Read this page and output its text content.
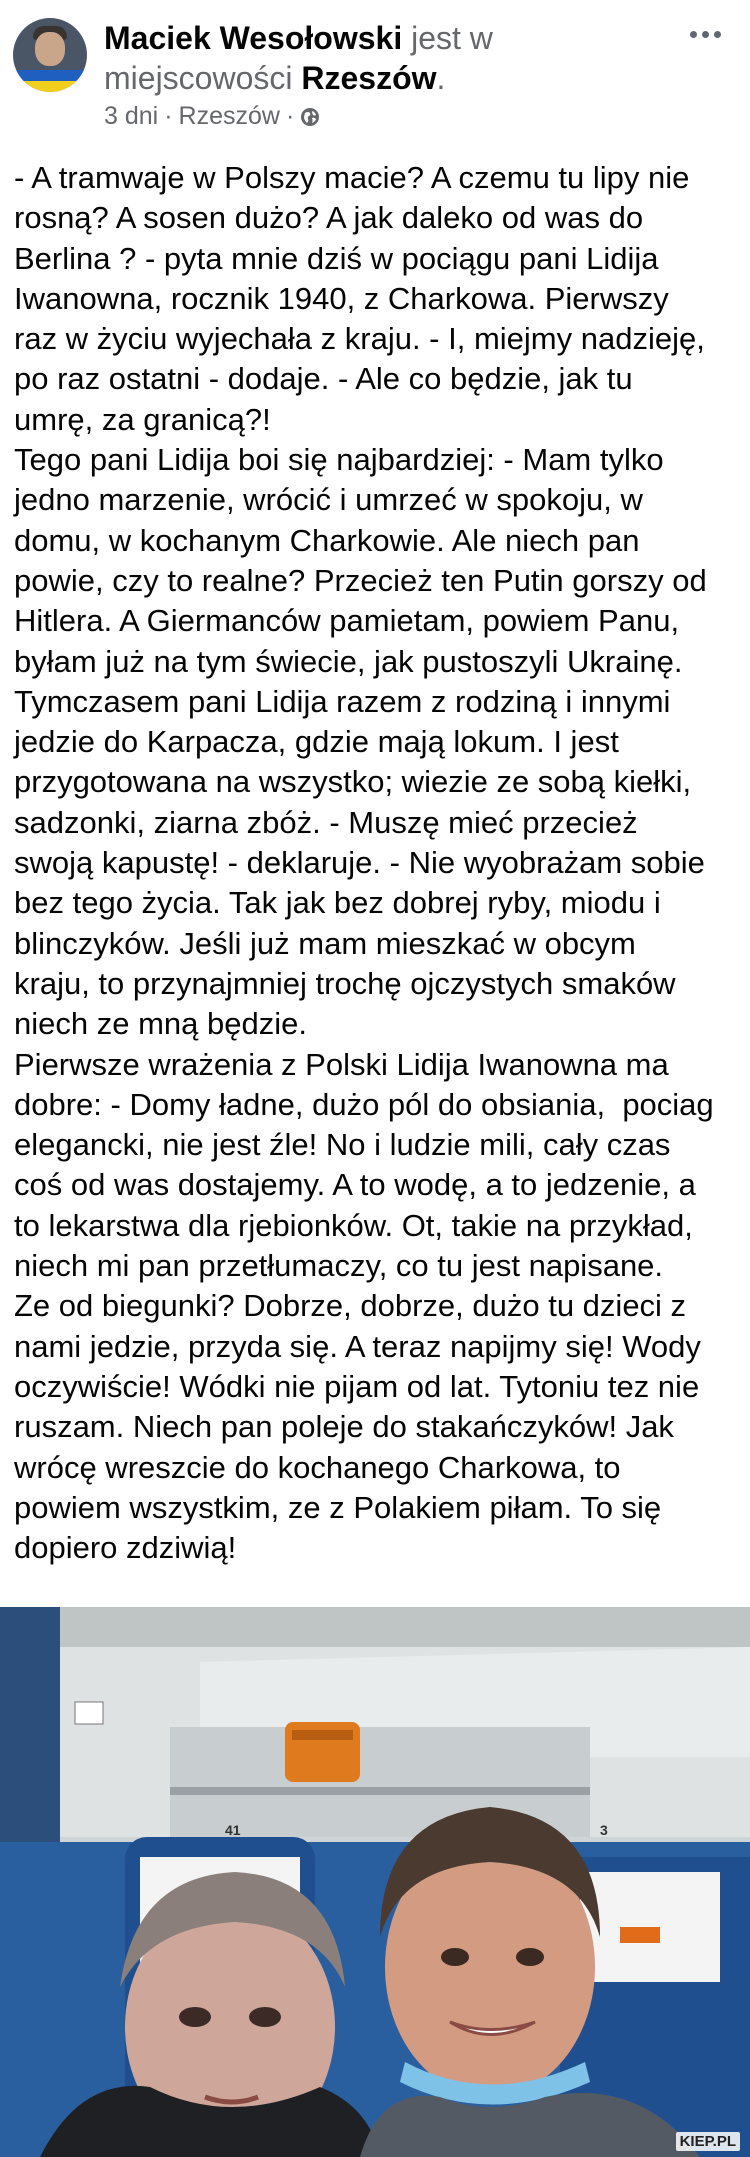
Maciek Wesołowski jest w miejscowości Rzeszów.
3 dni · Rzeszów ·
- A tramwaje w Polszy macie? A czemu tu lipy nie
rosną? A sosen dużo? A jak daleko od was do
Berlina ? - pyta mnie dziś w pociągu pani Lidija
Iwanowna, rocznik 1940, z Charkowa. Pierwszy
raz w życiu wyjechała z kraju. - I, miejmy nadzieję,
po raz ostatni - dodaje. - Ale co będzie, jak tu
umrę, za granicą?!
Tego pani Lidija boi się najbardziej: - Mam tylko
jedno marzenie, wrócić i umrzeć w spokoju, w
domu, w kochanym Charkowie. Ale niech pan
powie, czy to realne? Przecież ten Putin gorszy od
Hitlera. A Giermanców pamietam, powiem Panu,
byłam już na tym świecie, jak pustoszyli Ukrainę.
Tymczasem pani Lidija razem z rodziną i innymi
jedzie do Karpacza, gdzie mają lokum. I jest
przygotowana na wszystko; wiezie ze sobą kiełki,
sadzonki, ziarna zbóż. - Muszę mieć przecież
swoją kapustę! - deklaruje. - Nie wyobrażam sobie
bez tego życia. Tak jak bez dobrej ryby, miodu i
blinczyków. Jeśli już mam mieszkać w obcym
kraju, to przynajmniej trochę ojczystych smaków
niech ze mną będzie.
Pierwsze wrażenia z Polski Lidija Iwanowna ma
dobre: - Domy ładne, dużo pól do obsiania,  pociag
elegancki, nie jest źle! No i ludzie mili, cały czas
coś od was dostajemy. A to wodę, a to jedzenie, a
to lekarstwa dla rjebionków. Ot, takie na przykład,
niech mi pan przetłumaczy, co tu jest napisane.
Ze od biegunki? Dobrze, dobrze, dużo tu dzieci z
nami jedzie, przyda się. A teraz napijmy się! Wody
oczywiście! Wódki nie pijam od lat. Tytoniu tez nie
ruszam. Niech pan poleje do stakańczyków! Jak
wrócę wreszcie do kochanego Charkowa, to
powiem wszystkim, ze z Polakiem piłam. To się
dopiero zdziwią!
41	3
KIEP.PL
